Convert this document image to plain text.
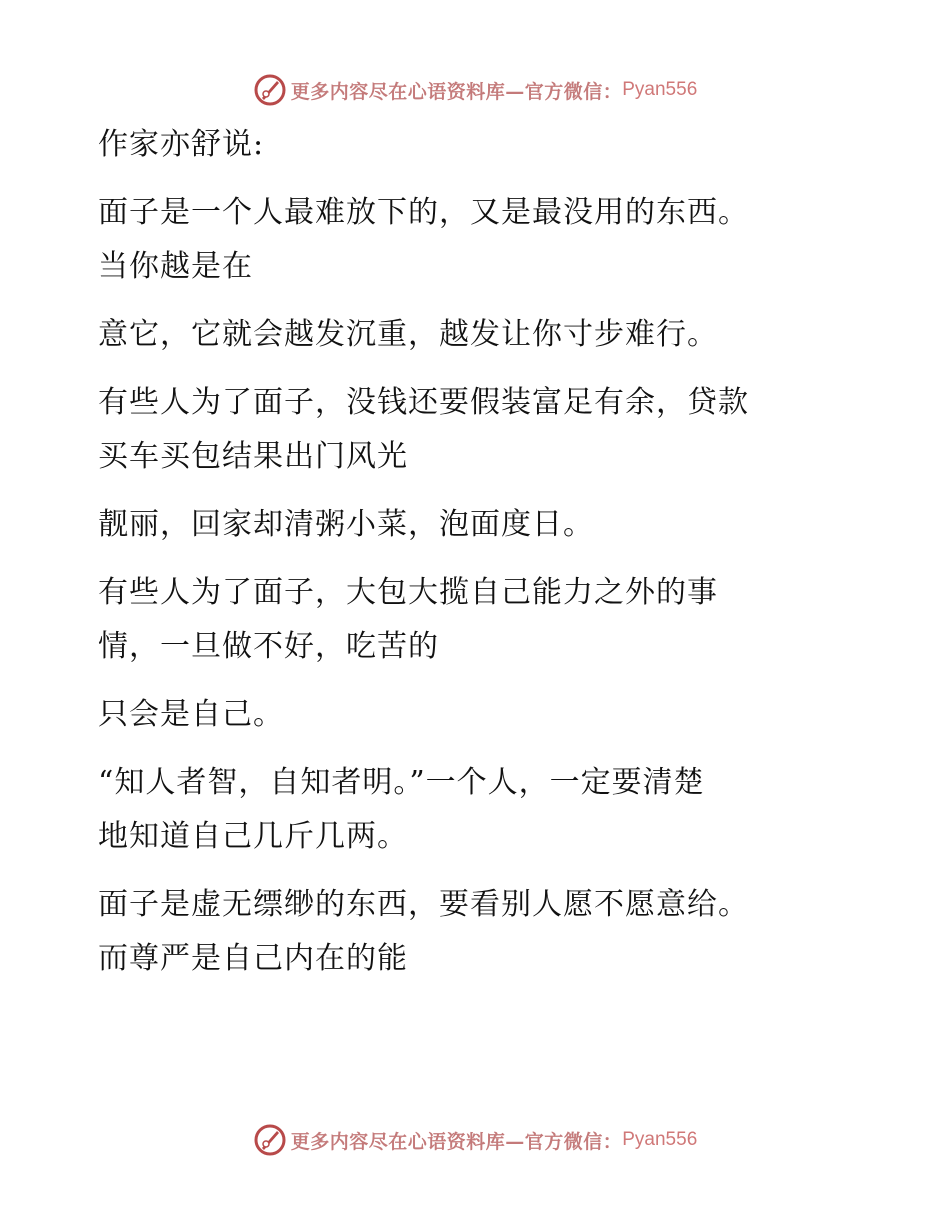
更多内容尽在心语资料库—官方微信： Pyan556

作家亦舒说:

面子是一个人最难放下的，又是最没用的东西。

当你越是在

意它，它就会越发沉重，越发让你寸步难行。

有些人为了面子，没钱还要假装富足有余，贷款

买车买包结果出门风光

靓丽，回家却清粥小菜，泡面度日。

有些人为了面子，大包大揽自己能力之外的事

情，一旦做不好，吃苦的

只会是自己。

“知人者智，自知者明。”一个人，一定要清楚

地知道自己几斤几两。

面子是虚无缥缈的东西，要看别人愿不愿意给。

而尊严是自己内在的能

更多内容尽在心语资料库—官方微信： Pyan556
